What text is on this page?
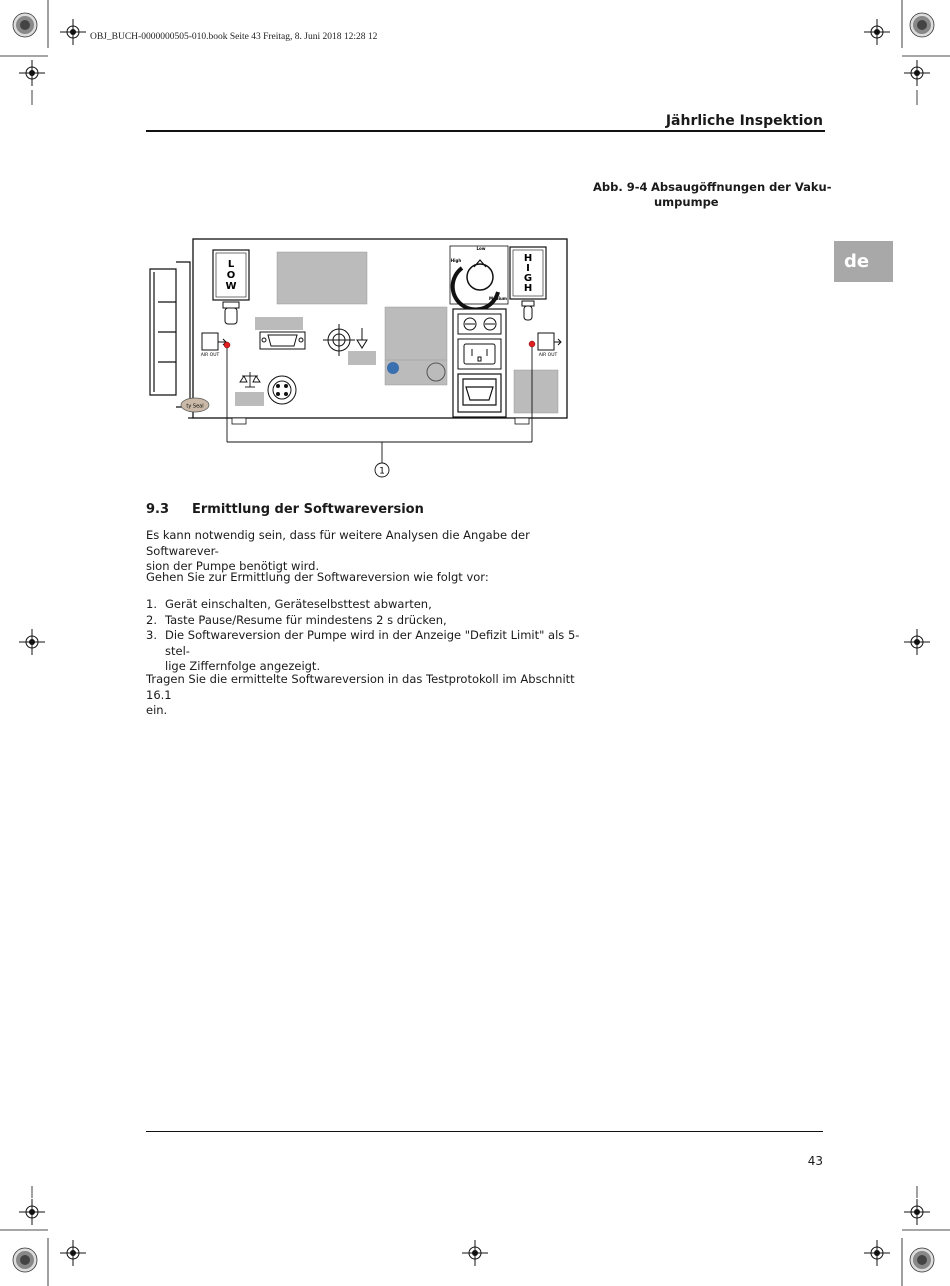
OBJ_BUCH-0000000505-010.book Seite 43 Freitag, 8. Juni 2018 12:28 12
Jährliche Inspektion
de
Abb. 9-4 Absaugöffnungen der Vaku-
umpumpe
L
O
W
Low
High
Medium
H
I
G
H
AIR OUT	AIR OUT
ty Seal
1
9.3 Ermittlung der Softwareversion
Es kann notwendig sein, dass für weitere Analysen die Angabe der Softwarever-
sion der Pumpe benötigt wird.
Gehen Sie zur Ermittlung der Softwareversion wie folgt vor:
1. Gerät einschalten, Geräteselbsttest abwarten,
2. Taste Pause/Resume für mindestens 2 s drücken,
3. Die Softwareversion der Pumpe wird in der Anzeige "Defizit Limit" als 5-stel-
lige Ziffernfolge angezeigt.
Tragen Sie die ermittelte Softwareversion in das Testprotokoll im Abschnitt 16.1
ein.
43
